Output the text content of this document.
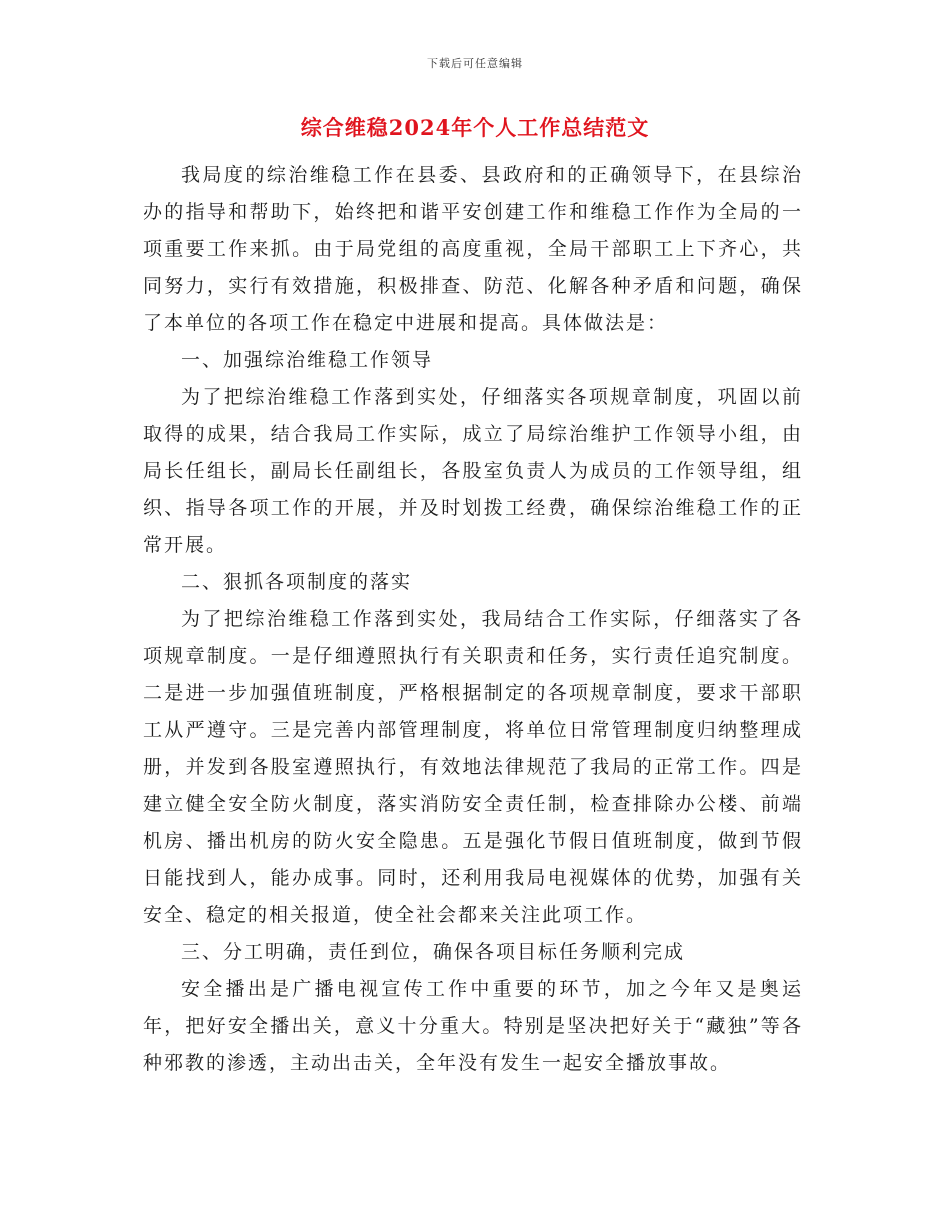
下载后可任意编辑
综合维稳2024年个人工作总结范文

我局度的综治维稳工作在县委、县政府和的正确领导下，在县综治办的指导和帮助下，始终把和谐平安创建工作和维稳工作作为全局的一项重要工作来抓。由于局党组的高度重视，全局干部职工上下齐心，共同努力，实行有效措施，积极排查、防范、化解各种矛盾和问题，确保了本单位的各项工作在稳定中进展和提高。具体做法是：

一、加强综治维稳工作领导

为了把综治维稳工作落到实处，仔细落实各项规章制度，巩固以前取得的成果，结合我局工作实际，成立了局综治维护工作领导小组，由局长任组长，副局长任副组长，各股室负责人为成员的工作领导组，组织、指导各项工作的开展，并及时划拨工经费，确保综治维稳工作的正常开展。

二、狠抓各项制度的落实

为了把综治维稳工作落到实处，我局结合工作实际，仔细落实了各项规章制度。一是仔细遵照执行有关职责和任务，实行责任追究制度。二是进一步加强值班制度，严格根据制定的各项规章制度，要求干部职工从严遵守。三是完善内部管理制度，将单位日常管理制度归纳整理成册，并发到各股室遵照执行，有效地法律规范了我局的正常工作。四是建立健全安全防火制度，落实消防安全责任制，检查排除办公楼、前端机房、播出机房的防火安全隐患。五是强化节假日值班制度，做到节假日能找到人，能办成事。同时，还利用我局电视媒体的优势，加强有关安全、稳定的相关报道，使全社会都来关注此项工作。

三、分工明确，责任到位，确保各项目标任务顺利完成

安全播出是广播电视宣传工作中重要的环节，加之今年又是奥运年，把好安全播出关，意义十分重大。特别是坚决把好关于“藏独”等各种邪教的渗透，主动出击关，全年没有发生一起安全播放事故。
